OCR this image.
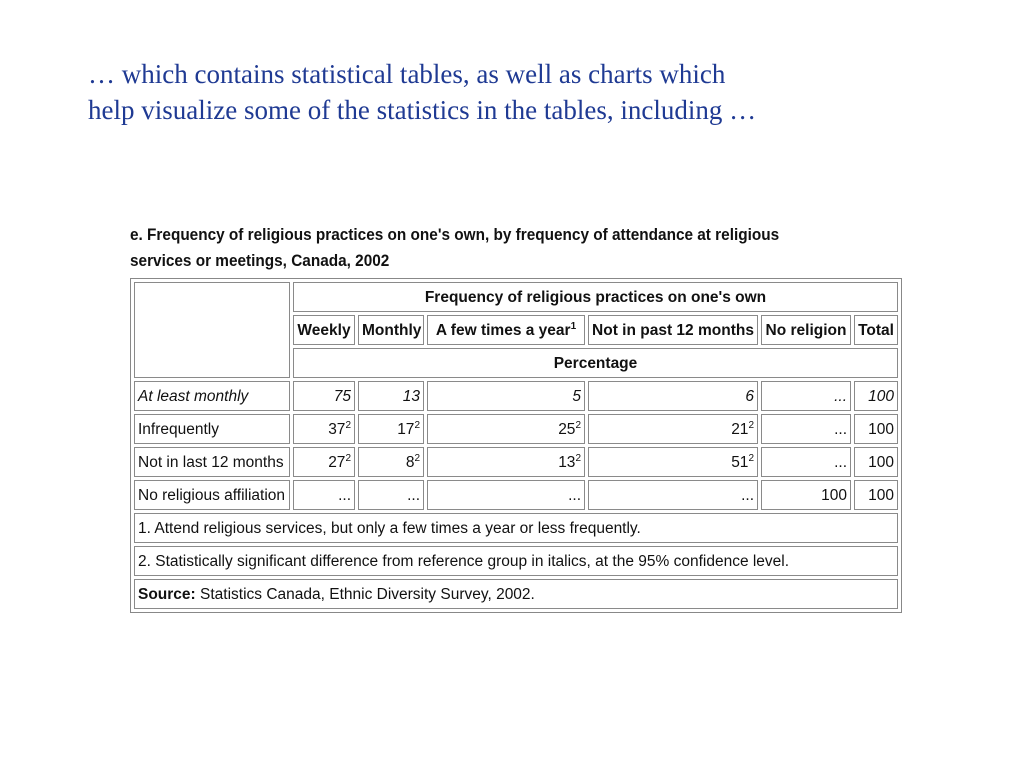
… which contains statistical tables, as well as charts which
help visualize some of the statistics in the tables, including …

e. Frequency of religious practices on one's own, by frequency of attendance at religious
services or meetings, Canada, 2002

	Frequency of religious practices on one's own					
	Weekly	Monthly	A few times a year$^1$	Not in past 12 months	No religion	Total
	Percentage					
At least monthly	75	13	5	6	...	100
Infrequently	$37^2$	$17^2$	$25^2$	$21^2$	...	100
Not in last 12 months	$27^2$	$8^2$	$13^2$	$51^2$	...	100
No religious affiliation	...	...	...	...	100	100
1. Attend religious services, but only a few times a year or less frequently.						
2. Statistically significant difference from reference group in italics, at the 95% confidence level.						
Source: Statistics Canada, Ethnic Diversity Survey, 2002.						
